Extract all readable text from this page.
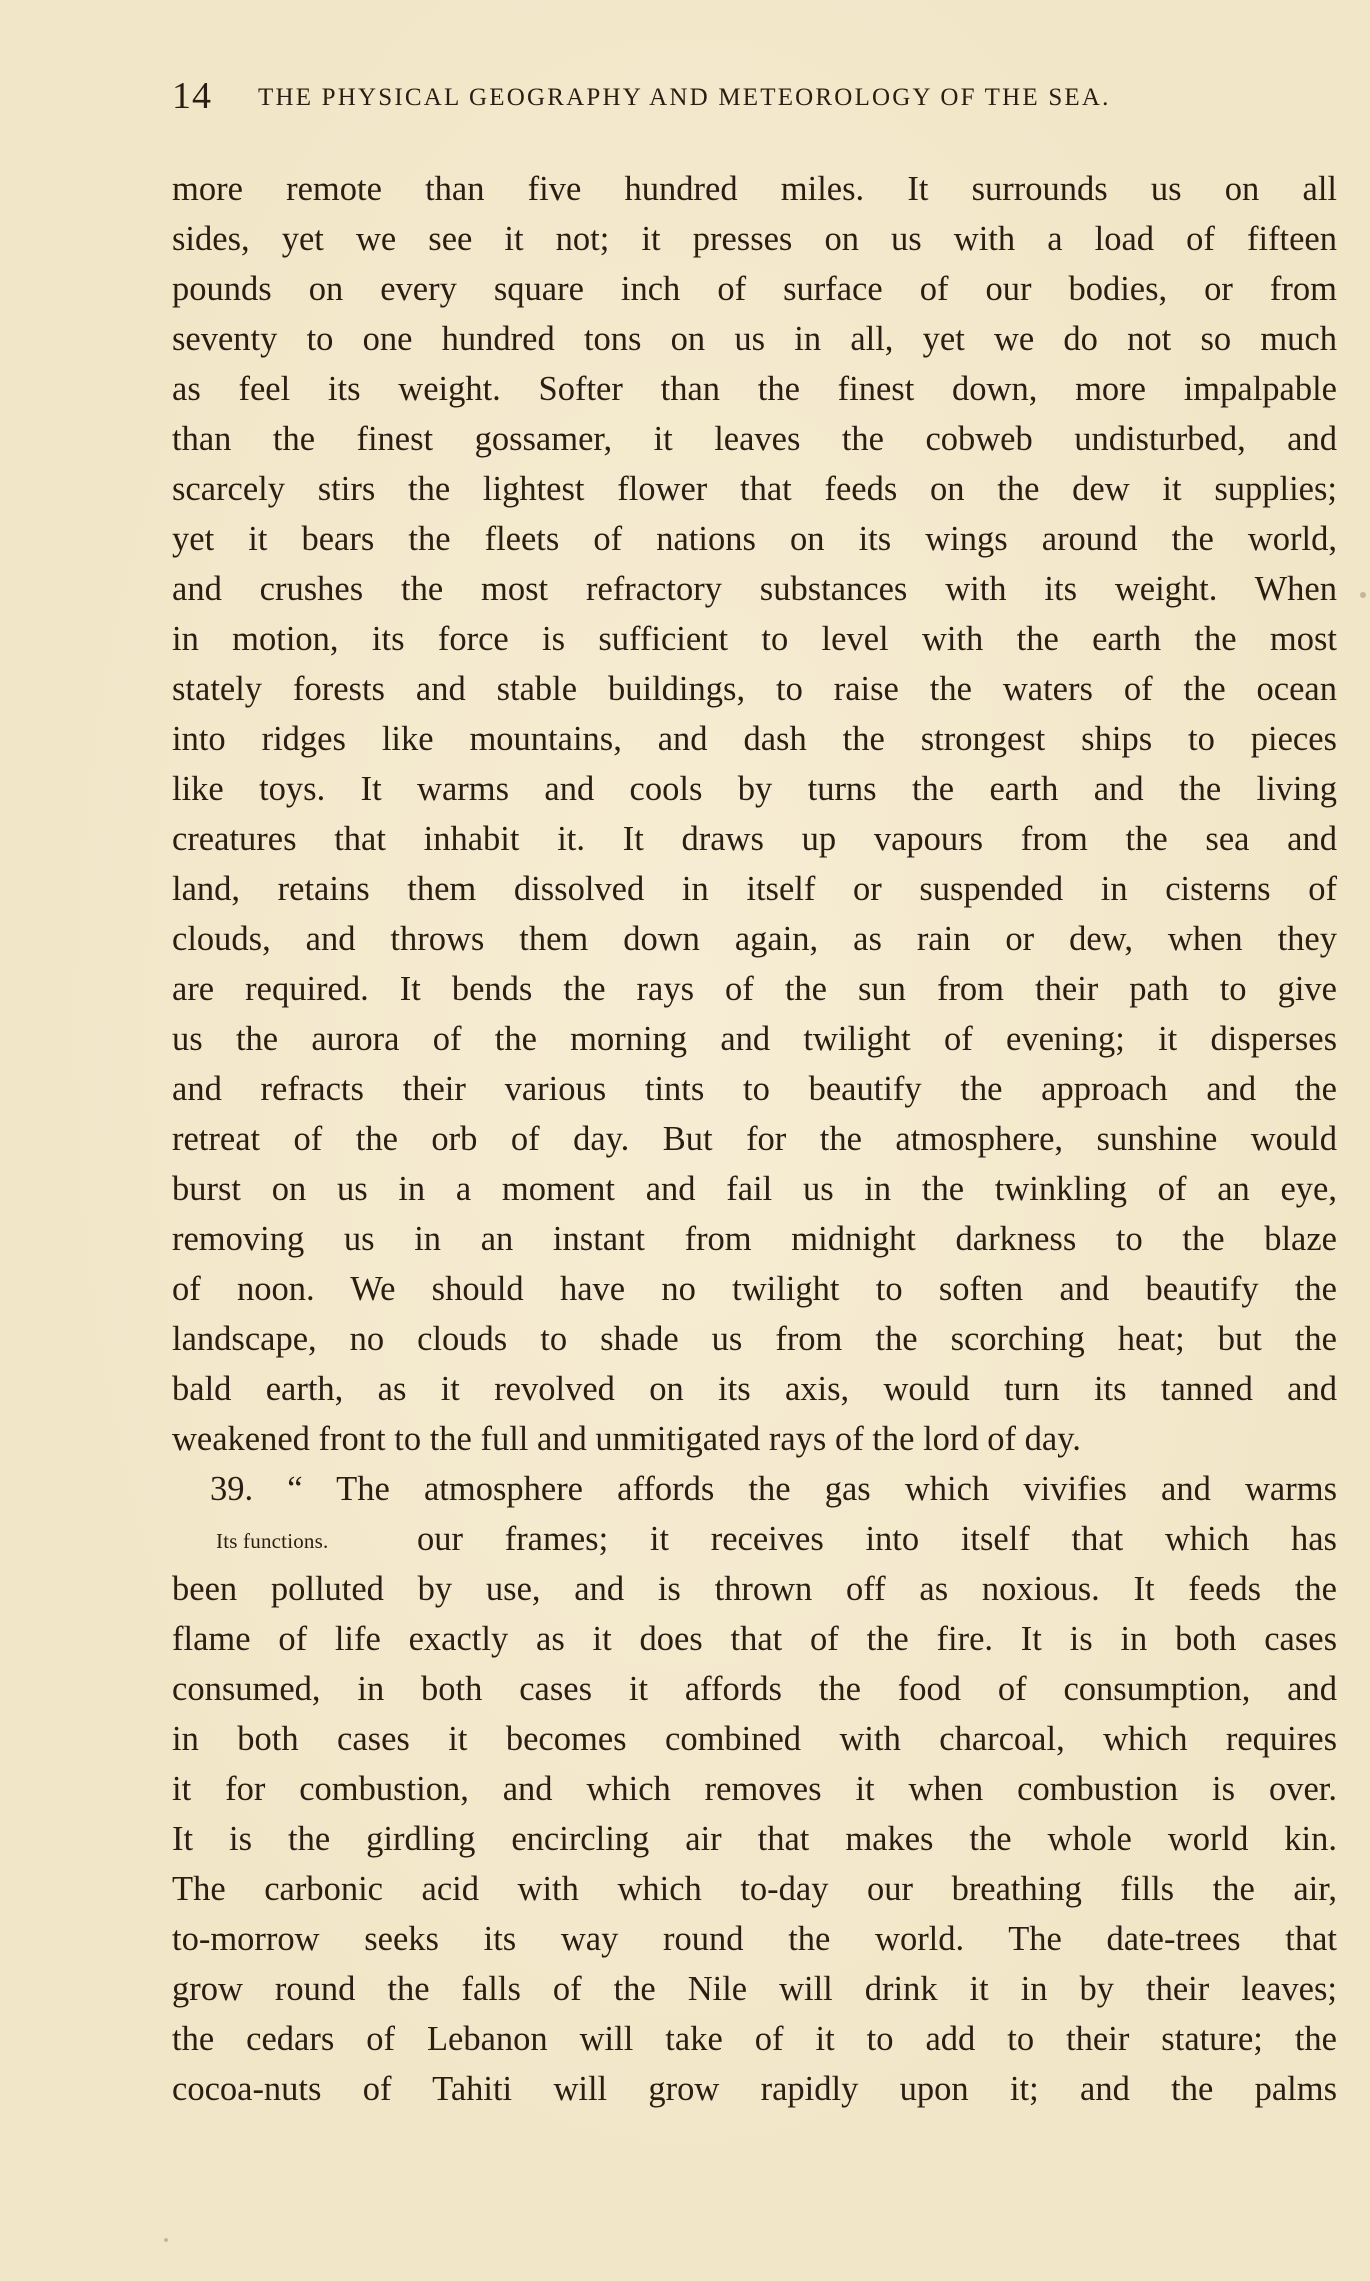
14 THE PHYSICAL GEOGRAPHY AND METEOROLOGY OF THE SEA.
more remote than five hundred miles. It surrounds us on all
sides, yet we see it not; it presses on us with a load of fifteen
pounds on every square inch of surface of our bodies, or from
seventy to one hundred tons on us in all, yet we do not so much
as feel its weight. Softer than the finest down, more impalpable
than the finest gossamer, it leaves the cobweb undisturbed, and
scarcely stirs the lightest flower that feeds on the dew it supplies;
yet it bears the fleets of nations on its wings around the world,
and crushes the most refractory substances with its weight. When
in motion, its force is sufficient to level with the earth the most
stately forests and stable buildings, to raise the waters of the ocean
into ridges like mountains, and dash the strongest ships to pieces
like toys. It warms and cools by turns the earth and the living
creatures that inhabit it. It draws up vapours from the sea and
land, retains them dissolved in itself or suspended in cisterns of
clouds, and throws them down again, as rain or dew, when they
are required. It bends the rays of the sun from their path to give
us the aurora of the morning and twilight of evening; it disperses
and refracts their various tints to beautify the approach and the
retreat of the orb of day. But for the atmosphere, sunshine would
burst on us in a moment and fail us in the twinkling of an eye,
removing us in an instant from midnight darkness to the blaze
of noon. We should have no twilight to soften and beautify the
landscape, no clouds to shade us from the scorching heat; but the
bald earth, as it revolved on its axis, would turn its tanned and
weakened front to the full and unmitigated rays of the lord of day.
39. “ The atmosphere affords the gas which vivifies and warms
Its functions.	our frames; it receives into itself that which has
been polluted by use, and is thrown off as noxious. It feeds the
flame of life exactly as it does that of the fire. It is in both cases
consumed, in both cases it affords the food of consumption, and
in both cases it becomes combined with charcoal, which requires
it for combustion, and which removes it when combustion is over.
It is the girdling encircling air that makes the whole world kin.
The carbonic acid with which to-day our breathing fills the air,
to-morrow seeks its way round the world. The date-trees that
grow round the falls of the Nile will drink it in by their leaves;
the cedars of Lebanon will take of it to add to their stature; the
cocoa-nuts of Tahiti will grow rapidly upon it; and the palms
